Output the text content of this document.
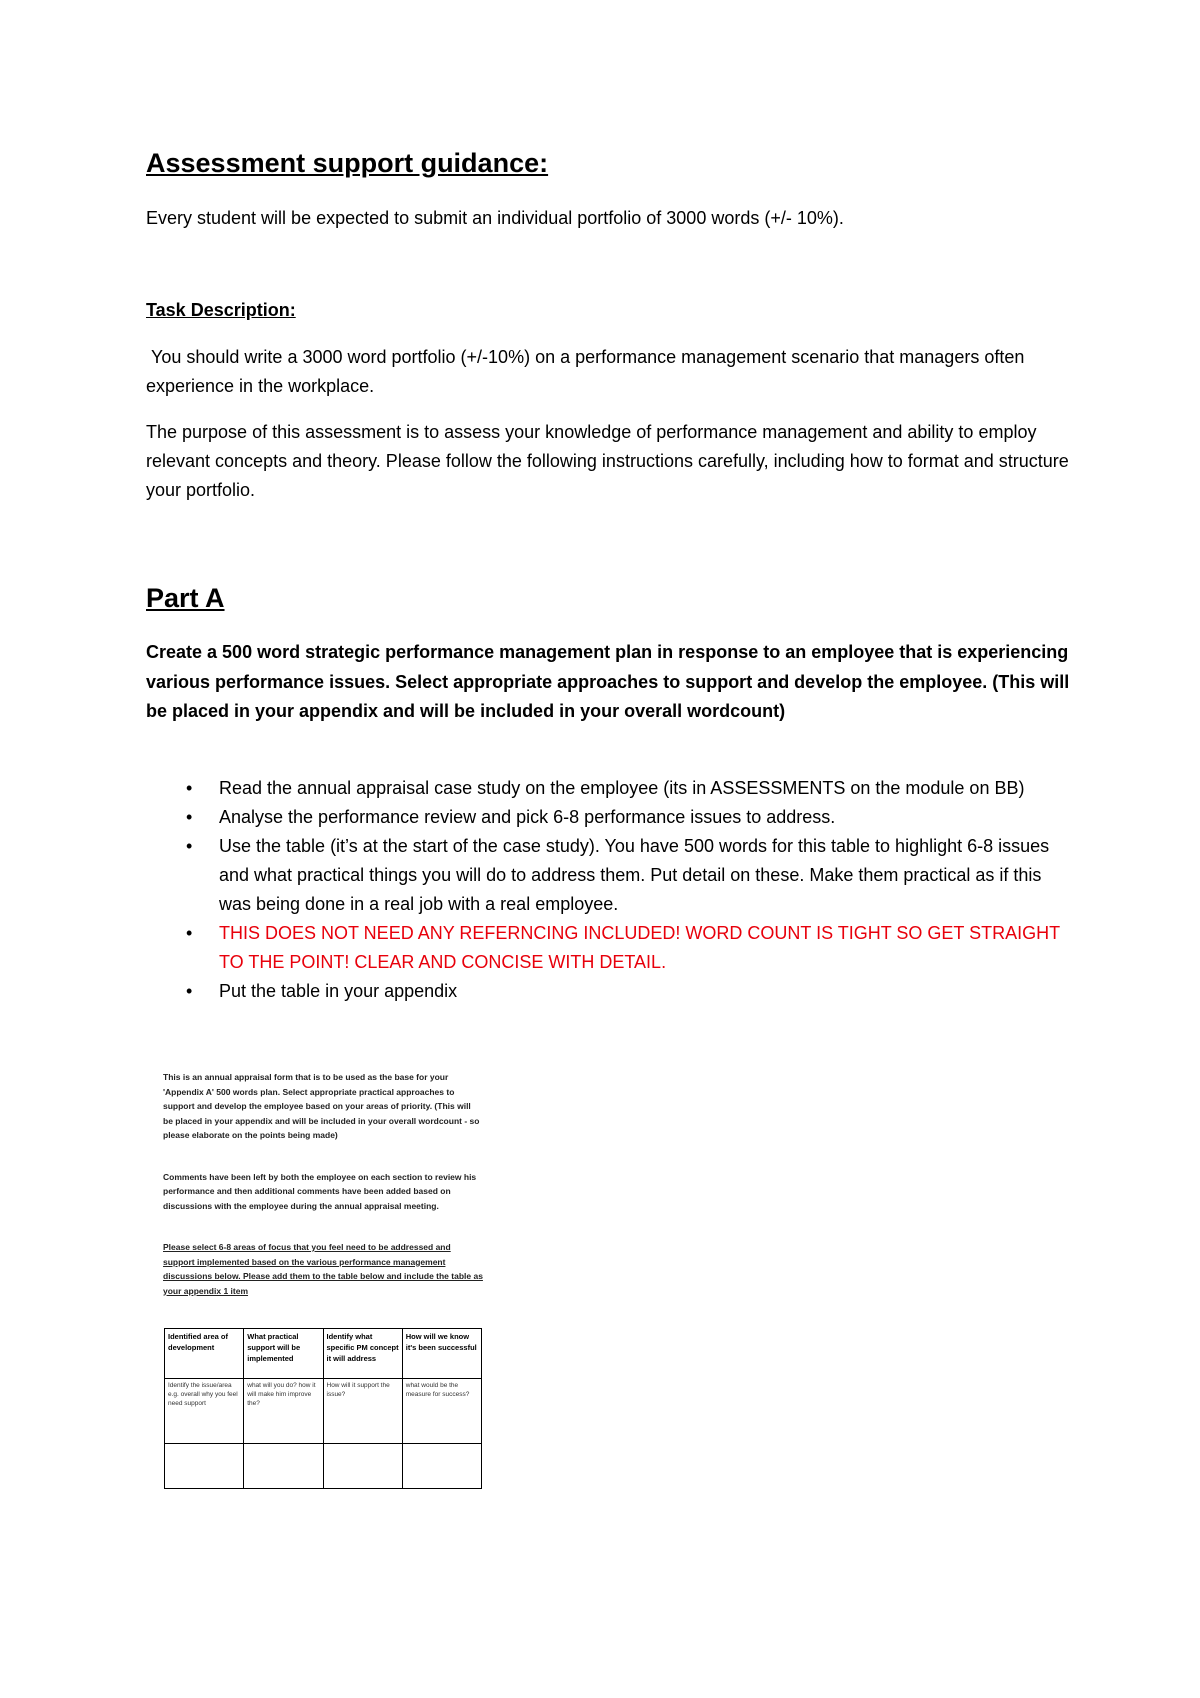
Assessment support guidance:

Every student will be expected to submit an individual portfolio of 3000 words (+/- 10%).

Task Description:

You should write a 3000 word portfolio (+/-10%) on a performance management scenario that managers often experience in the workplace.

The purpose of this assessment is to assess your knowledge of performance management and ability to employ relevant concepts and theory. Please follow the following instructions carefully, including how to format and structure your portfolio.

Part A

Create a 500 word strategic performance management plan in response to an employee that is experiencing various performance issues. Select appropriate approaches to support and develop the employee. (This will be placed in your appendix and will be included in your overall wordcount)

• Read the annual appraisal case study on the employee (its in ASSESSMENTS on the module on BB)
• Analyse the performance review and pick 6-8 performance issues to address.
• Use the table (it’s at the start of the case study). You have 500 words for this table to highlight 6-8 issues and what practical things you will do to address them. Put detail on these. Make them practical as if this was being done in a real job with a real employee.
• THIS DOES NOT NEED ANY REFERNCING INCLUDED! WORD COUNT IS TIGHT SO GET STRAIGHT TO THE POINT! CLEAR AND CONCISE WITH DETAIL.
• Put the table in your appendix

This is an annual appraisal form that is to be used as the base for your 'Appendix A' 500 words plan. Select appropriate practical approaches to support and develop the employee based on your areas of priority. (This will be placed in your appendix and will be included in your overall wordcount - so please elaborate on the points being made)

Comments have been left by both the employee on each section to review his performance and then additional comments have been added based on discussions with the employee during the annual appraisal meeting.

Please select 6-8 areas of focus that you feel need to be addressed and support implemented based on the various performance management discussions below. Please add them to the table below and include the table as your appendix 1 item

Identified area of development	What practical support will be implemented	Identify what specific PM concept it will address	How will we know it's been successful
Identify the issue/area e.g. overall why you feel need support	what will you do? how it will make him improve the?	How will it support the issue?	what would be the measure for success?
